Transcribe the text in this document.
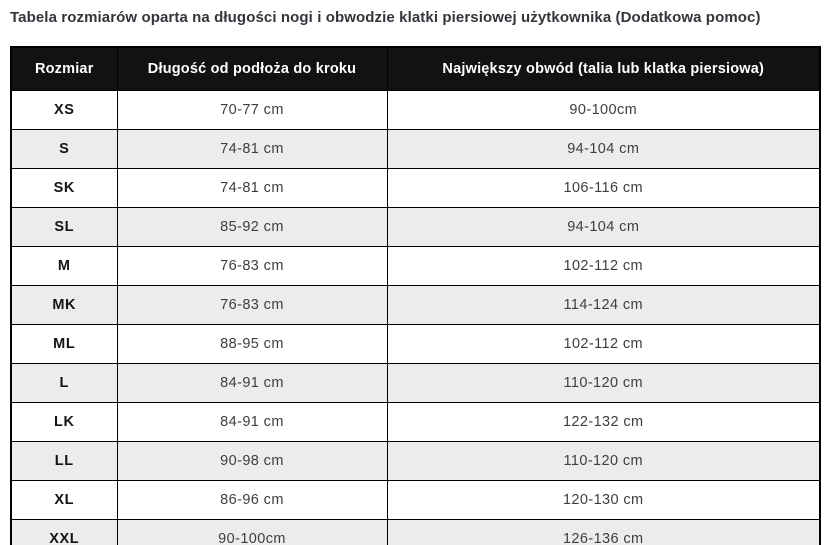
Tabela rozmiarów oparta na długości nogi i obwodzie klatki piersiowej użytkownika (Dodatkowa pomoc)

Rozmiar	Długość od podłoża do kroku	Największy obwód (talia lub klatka piersiowa)
XS	70-77 cm	90-100cm
S	74-81 cm	94-104 cm
SK	74-81 cm	106-116 cm
SL	85-92 cm	94-104 cm
M	76-83 cm	102-112 cm
MK	76-83 cm	114-124 cm
ML	88-95 cm	102-112 cm
L	84-91 cm	110-120 cm
LK	84-91 cm	122-132 cm
LL	90-98 cm	110-120 cm
XL	86-96 cm	120-130 cm
XXL	90-100cm	126-136 cm
